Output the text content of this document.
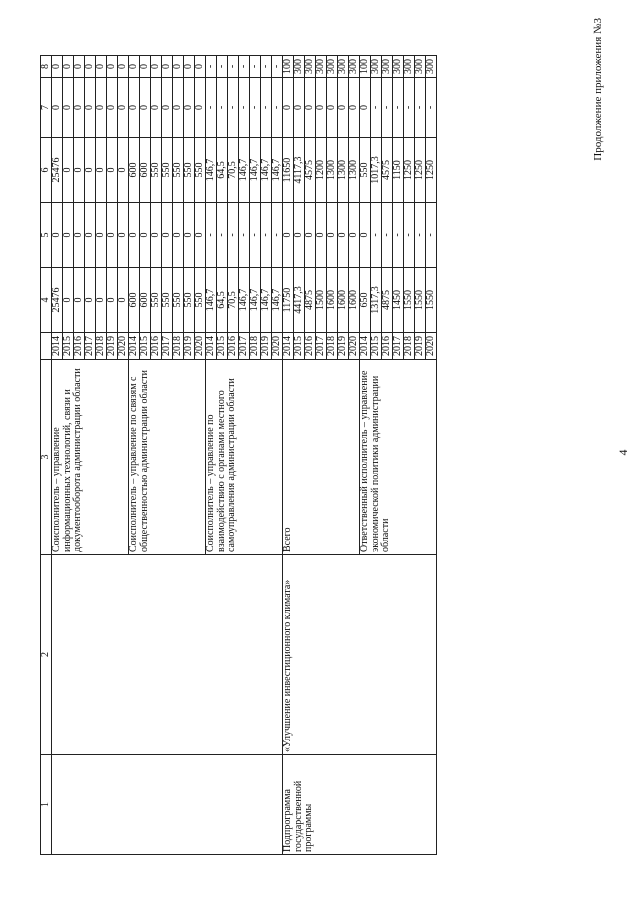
Продолжение приложения №3
1	2	3		4	5	6	7	8
		Соисполнитель – управление информационных технологий, связи и документооборота администрации области	2014	25476	0	25476	0	0
			2015	0	0	0	0	0
			2016	0	0	0	0	0
			2017	0	0	0	0	0
			2018	0	0	0	0	0
			2019	0	0	0	0	0
			2020	0	0	0	0	0
		Соисполнитель – управление по связям с общественностью администрации области	2014	600	0	600	0	0
			2015	600	0	600	0	0
			2016	550	0	550	0	0
			2017	550	0	550	0	0
			2018	550	0	550	0	0
			2019	550	0	550	0	0
			2020	550	0	550	0	0
		Соисполнитель – управление по взаимодействию с органами местного самоуправления администрации области	2014	146,7	-	146,7	-	-
			2015	64,5	-	64,5	-	-
			2016	70,5	-	70,5	-	-
			2017	146,7	-	146,7	-	-
			2018	146,7	-	146,7	-	-
			2019	146,7	-	146,7	-	-
			2020	146,7	-	146,7	-	-
Подпрограмма государственной программы	«Улучшение инвестиционного климата»	Всего	2014	11750	0	11650	0	100
			2015	4417,3	0	4117,3	0	300
			2016	4875	0	4575	0	300
			2017	1500	0	1200	0	300
			2018	1600	0	1300	0	300
			2019	1600	0	1300	0	300
			2020	1600	0	1300	0	300
		Ответственный исполнитель – управление экономической политики администрации области	2014	650	0	550	0	100
			2015	1317,3	-	1017,3	-	300
			2016	4875	-	4575	-	300
			2017	1450	-	1150	-	300
			2018	1550	-	1250	-	300
			2019	1550	-	1250	-	300
			2020	1550	-	1250	-	300
4
